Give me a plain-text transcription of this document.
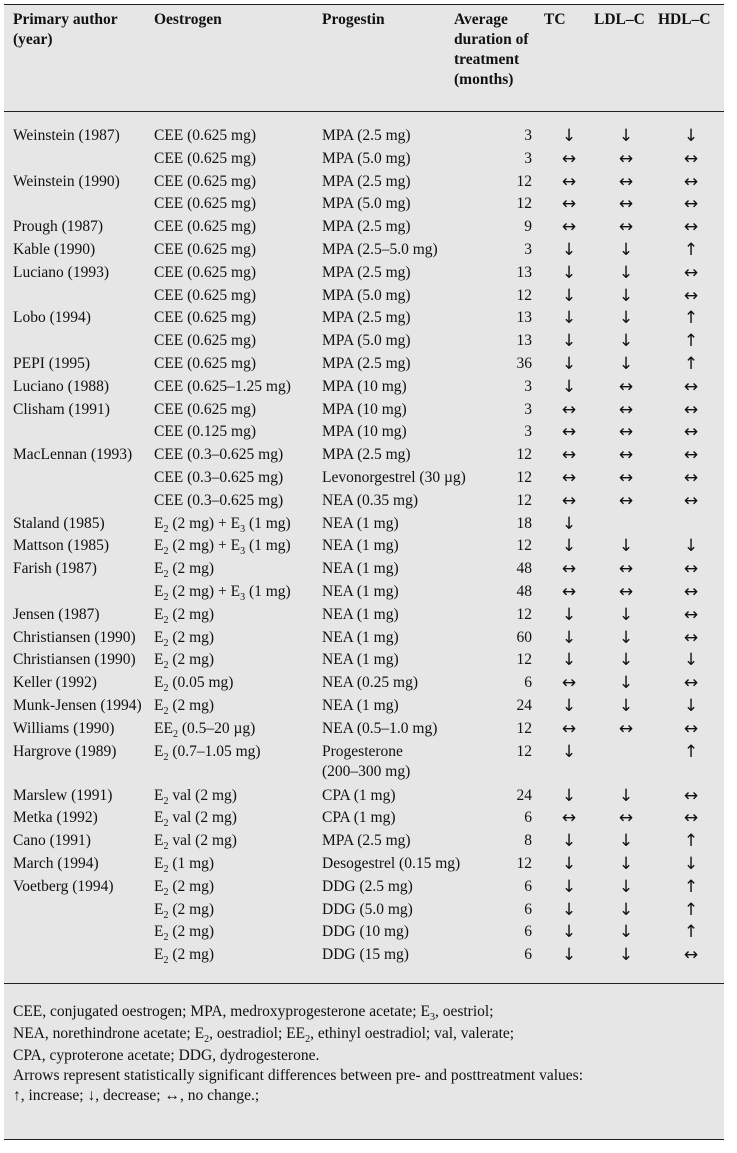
Primary author (year)	Oestrogen	Progestin	Average duration of treatment (months)	TC	LDL–C	HDL–C

Weinstein (1987)	CEE (0.625 mg)	MPA (2.5 mg)	3	↓	↓	↓
	CEE (0.625 mg)	MPA (5.0 mg)	3	↔	↔	↔
Weinstein (1990)	CEE (0.625 mg)	MPA (2.5 mg)	12	↔	↔	↔
	CEE (0.625 mg)	MPA (5.0 mg)	12	↔	↔	↔
Prough (1987)	CEE (0.625 mg)	MPA (2.5 mg)	9	↔	↔	↔
Kable (1990)	CEE (0.625 mg)	MPA (2.5–5.0 mg)	3	↓	↓	↑
Luciano (1993)	CEE (0.625 mg)	MPA (2.5 mg)	13	↓	↓	↔
	CEE (0.625 mg)	MPA (5.0 mg)	12	↓	↓	↔
Lobo (1994)	CEE (0.625 mg)	MPA (2.5 mg)	13	↓	↓	↑
	CEE (0.625 mg)	MPA (5.0 mg)	13	↓	↓	↑
PEPI (1995)	CEE (0.625 mg)	MPA (2.5 mg)	36	↓	↓	↑
Luciano (1988)	CEE (0.625–1.25 mg)	MPA (10 mg)	3	↓	↔	↔
Clisham (1991)	CEE (0.625 mg)	MPA (10 mg)	3	↔	↔	↔
	CEE (0.125 mg)	MPA (10 mg)	3	↔	↔	↔
MacLennan (1993)	CEE (0.3–0.625 mg)	MPA (2.5 mg)	12	↔	↔	↔
	CEE (0.3–0.625 mg)	Levonorgestrel (30 µg)	12	↔	↔	↔
	CEE (0.3–0.625 mg)	NEA (0.35 mg)	12	↔	↔	↔
Staland (1985)	$E_2$ (2 $mg) + E_3$ (1 mg)	NEA (1 mg)	18	↓		
Mattson (1985)	$E_2$ (2 $mg) + E_3$ (1 mg)	NEA (1 mg)	12	↓	↓	↓
Farish (1987)	$E_2$ (2 mg)	NEA (1 mg)	48	↔	↔	↔
	$E_2$ (2 $mg) + E_3$ (1 mg)	NEA (1 mg)	48	↔	↔	↔
Jensen (1987)	$E_2$ (2 mg)	NEA (1 mg)	12	↓	↓	↔
Christiansen (1990)	$E_2$ (2 mg)	NEA (1 mg)	60	↓	↓	↔
Christiansen (1990)	$E_2$ (2 mg)	NEA (1 mg)	12	↓	↓	↓
Keller (1992)	$E_2$ (0.05 mg)	NEA (0.25 mg)	6	↔	↓	↔
Munk-Jensen (1994)	$E_2$ (2 mg)	NEA (1 mg)	24	↓	↓	↓
Williams (1990)	$EE_2$ (0.5–20 µg)	NEA (0.5–1.0 mg)	12	↔	↔	↔
Hargrove (1989)	$E_2$ (0.7–1.05 mg)	Progesterone
(200–300 mg)	12	↓		↑
Marslew (1991)	$E_2$ val (2 mg)	CPA (1 mg)	24	↓	↓	↔
Metka (1992)	$E_2$ val (2 mg)	CPA (1 mg)	6	↔	↔	↔
Cano (1991)	$E_2$ val (2 mg)	MPA (2.5 mg)	8	↓	↓	↑
March (1994)	$E_2$ (1 mg)	Desogestrel (0.15 mg)	12	↓	↓	↓
Voetberg (1994)	$E_2$ (2 mg)	DDG (2.5 mg)	6	↓	↓	↑
	$E_2$ (2 mg)	DDG (5.0 mg)	6	↓	↓	↑
	$E_2$ (2 mg)	DDG (10 mg)	6	↓	↓	↑
	$E_2$ (2 mg)	DDG (15 mg)	6	↓	↓	↔
CEE, conjugated oestrogen; MPA, medroxyprogesterone acetate; $E_3$, oestriol;
NEA, norethindrone acetate; $E_2$, oestradiol; $EE_2$, ethinyl oestradiol; val, valerate;
CPA, cyproterone acetate; DDG, dydrogesterone.
Arrows represent statistically significant differences between pre- and posttreatment values:
↑, increase; ↓, decrease; ↔, no change.;
